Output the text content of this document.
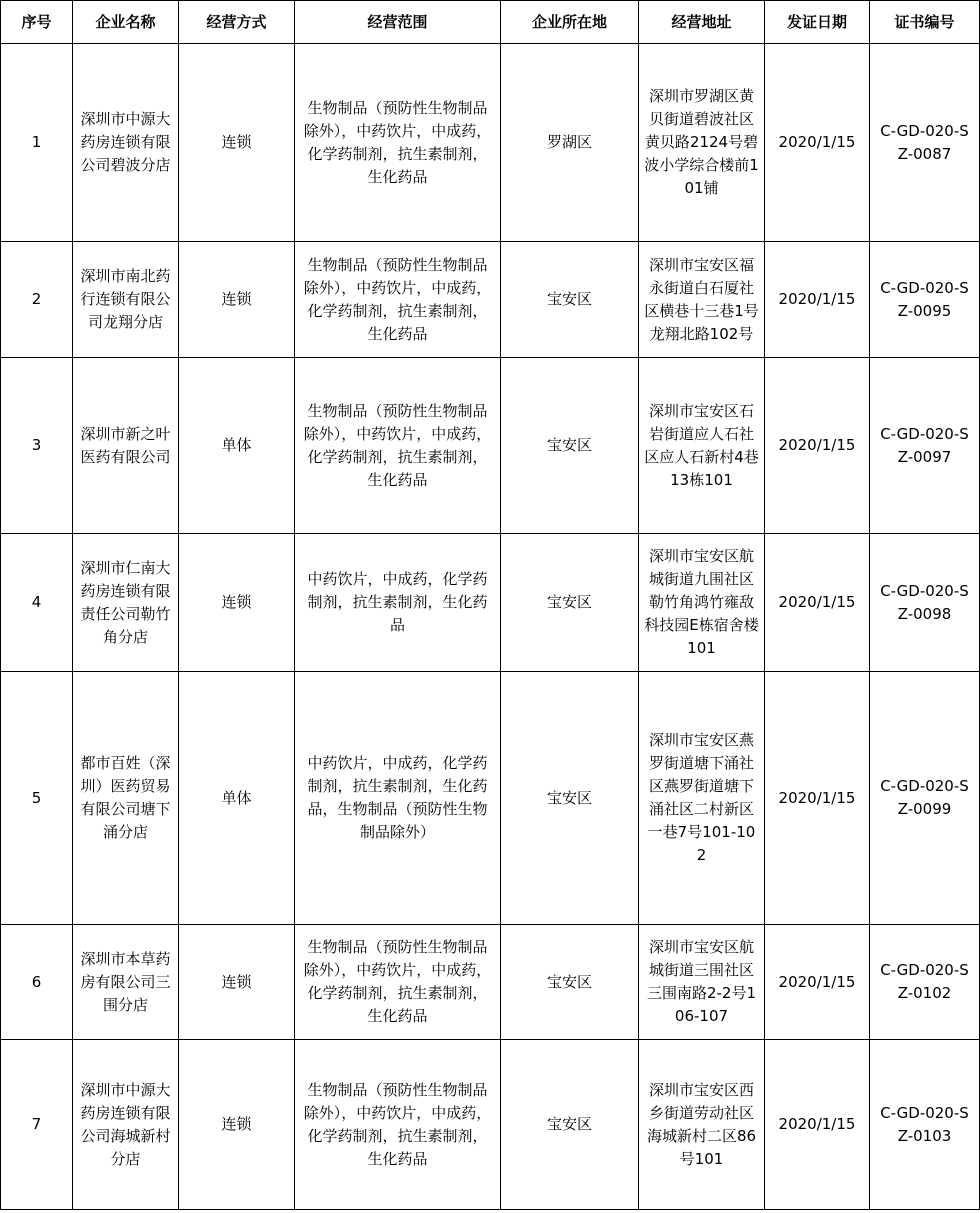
序号	企业名称	经营方式	经营范围	企业所在地	经营地址	发证日期	证书编号
1	深圳市中源大药房连锁有限公司碧波分店	连锁	生物制品（预防性生物制品除外），中药饮片，中成药，化学药制剂，抗生素制剂，生化药品	罗湖区	深圳市罗湖区黄贝街道碧波社区黄贝路2124号碧波小学综合楼前101铺	2020/1/15	C-GD-020-SZ-0087
2	深圳市南北药行连锁有限公司龙翔分店	连锁	生物制品（预防性生物制品除外），中药饮片，中成药，化学药制剂，抗生素制剂，生化药品	宝安区	深圳市宝安区福永街道白石厦社区横巷十三巷1号龙翔北路102号	2020/1/15	C-GD-020-SZ-0095
3	深圳市新之叶医药有限公司	单体	生物制品（预防性生物制品除外），中药饮片，中成药，化学药制剂，抗生素制剂，生化药品	宝安区	深圳市宝安区石岩街道应人石社区应人石新村4巷13栋101	2020/1/15	C-GD-020-SZ-0097
4	深圳市仁南大药房连锁有限责任公司勒竹角分店	连锁	中药饮片，中成药，化学药制剂，抗生素制剂，生化药品	宝安区	深圳市宝安区航城街道九围社区勒竹角鸿竹雍敌科技园E栋宿舍楼101	2020/1/15	C-GD-020-SZ-0098
5	都市百姓（深圳）医药贸易有限公司塘下涌分店	单体	中药饮片，中成药，化学药制剂，抗生素制剂，生化药品，生物制品（预防性生物制品除外）	宝安区	深圳市宝安区燕罗街道塘下涌社区燕罗街道塘下涌社区二村新区一巷7号101-102	2020/1/15	C-GD-020-SZ-0099
6	深圳市本草药房有限公司三围分店	连锁	生物制品（预防性生物制品除外），中药饮片，中成药，化学药制剂，抗生素制剂，生化药品	宝安区	深圳市宝安区航城街道三围社区三围南路2-2号106-107	2020/1/15	C-GD-020-SZ-0102
7	深圳市中源大药房连锁有限公司海城新村分店	连锁	生物制品（预防性生物制品除外），中药饮片，中成药，化学药制剂，抗生素制剂，生化药品	宝安区	深圳市宝安区西乡街道劳动社区海城新村二区86号101	2020/1/15	C-GD-020-SZ-0103
